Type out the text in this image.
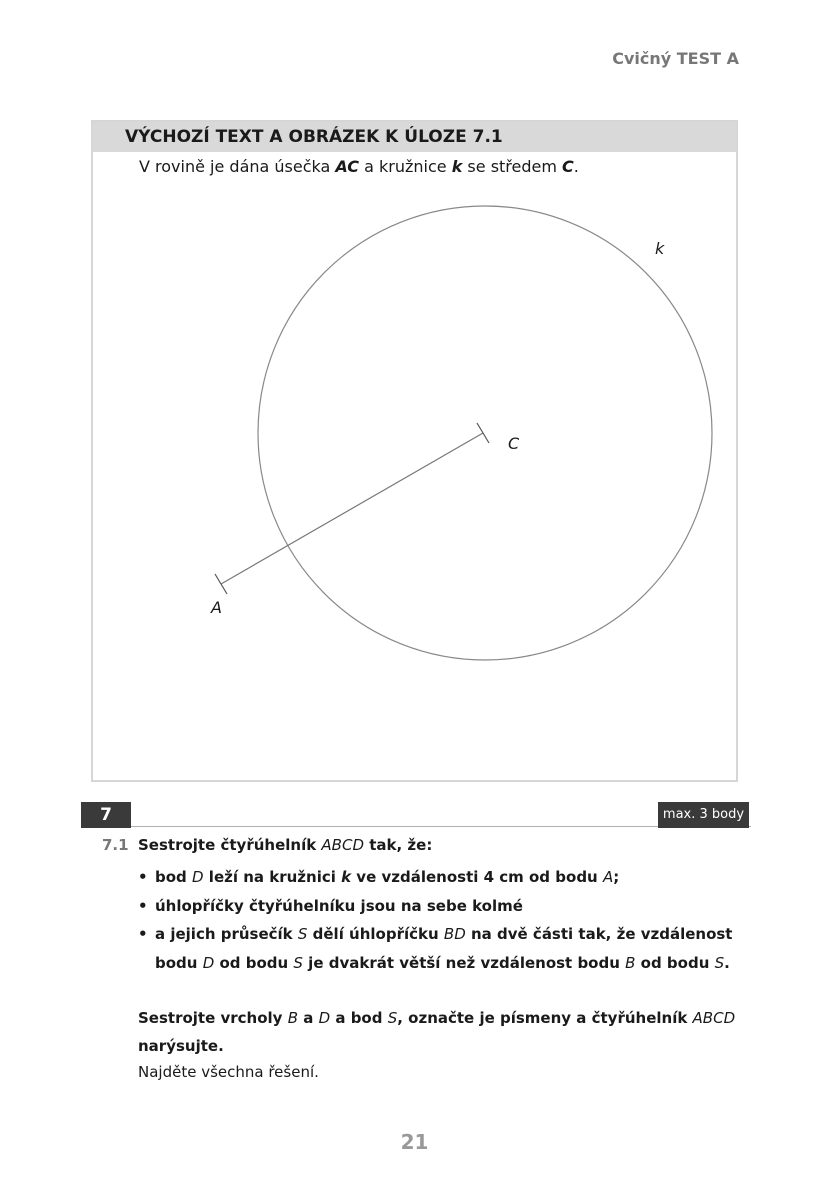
Cvičný TEST A
VÝCHOZÍ TEXT A OBRÁZEK K ÚLOZE 7.1
V rovině je dána úsečka AC a kružnice k se středem C.
k
C
A
7	max. 3 body
7.1 Sestrojte čtyřúhelník ABCD tak, že:
• bod D leží na kružnici k ve vzdálenosti 4 cm od bodu A;
• úhlopříčky čtyřúhelníku jsou na sebe kolmé
• a jejich průsečík S dělí úhlopříčku BD na dvě části tak, že vzdálenost bodu D od bodu S je dvakrát větší než vzdálenost bodu B od bodu S.
Sestrojte vrcholy B a D a bod S, označte je písmeny a čtyřúhelník ABCD narýsujte.
Najděte všechna řešení.
21
